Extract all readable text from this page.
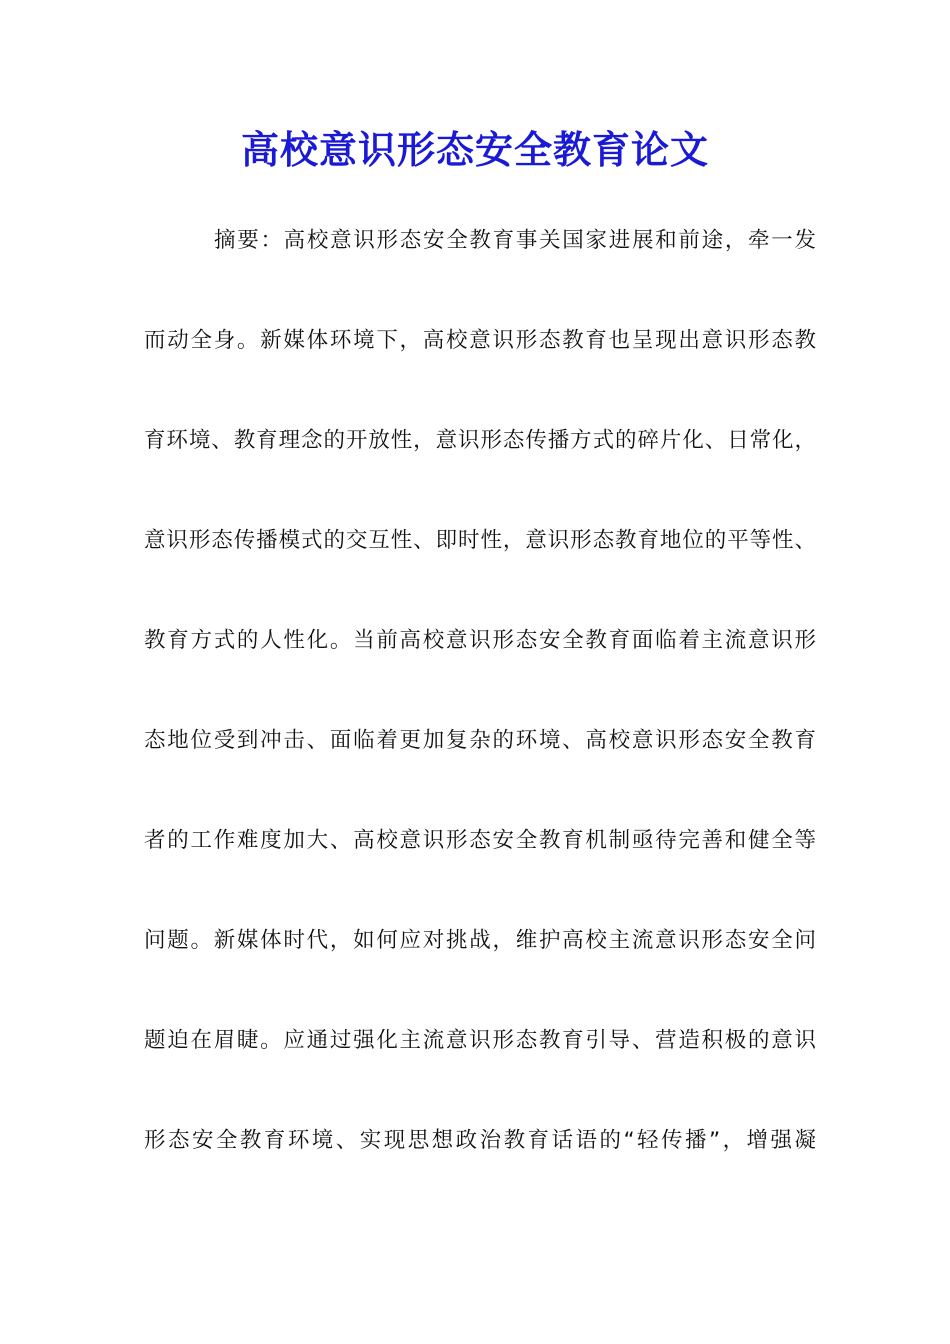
高校意识形态安全教育论文
摘要：高校意识形态安全教育事关国家进展和前途，牵一发
而动全身。新媒体环境下，高校意识形态教育也呈现出意识形态教
育环境、教育理念的开放性，意识形态传播方式的碎片化、日常化，
意识形态传播模式的交互性、即时性，意识形态教育地位的平等性、
教育方式的人性化。当前高校意识形态安全教育面临着主流意识形
态地位受到冲击、面临着更加复杂的环境、高校意识形态安全教育
者的工作难度加大、高校意识形态安全教育机制亟待完善和健全等
问题。新媒体时代，如何应对挑战，维护高校主流意识形态安全问
题迫在眉睫。应通过强化主流意识形态教育引导、营造积极的意识
形态安全教育环境、实现思想政治教育话语的“轻传播”，增强凝
